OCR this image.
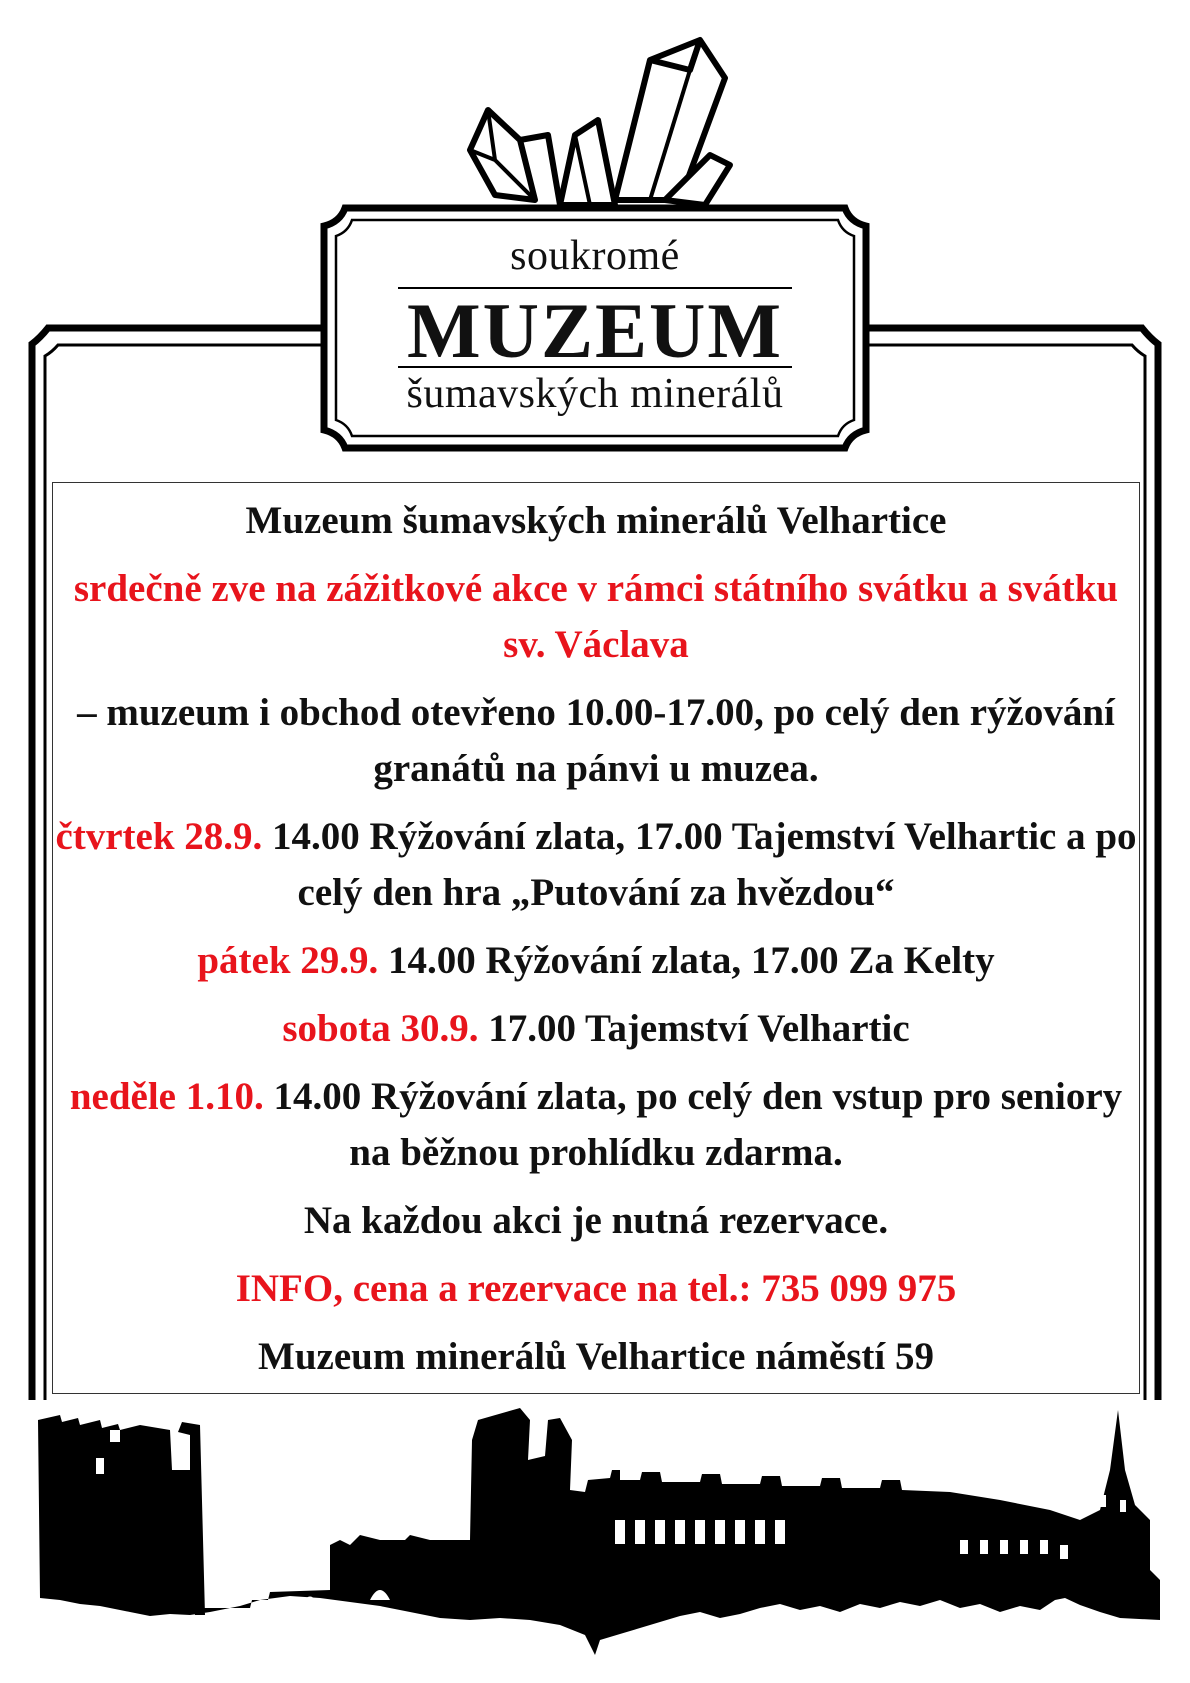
soukromé
MUZEUM
šumavských minerálů

Muzeum šumavských minerálů Velhartice

srdečně zve na zážitkové akce v rámci státního svátku a svátku sv. Václava

– muzeum i obchod otevřeno 10.00-17.00, po celý den rýžování granátů na pánvi u muzea.

čtvrtek 28.9. 14.00 Rýžování zlata, 17.00 Tajemství Velhartic a po celý den hra „Putování za hvězdou“

pátek 29.9. 14.00 Rýžování zlata, 17.00 Za Kelty

sobota 30.9. 17.00 Tajemství Velhartic

neděle 1.10. 14.00 Rýžování zlata, po celý den vstup pro seniory na běžnou prohlídku zdarma.

Na každou akci je nutná rezervace.

INFO, cena a rezervace na tel.: 735 099 975

Muzeum minerálů Velhartice náměstí 59
